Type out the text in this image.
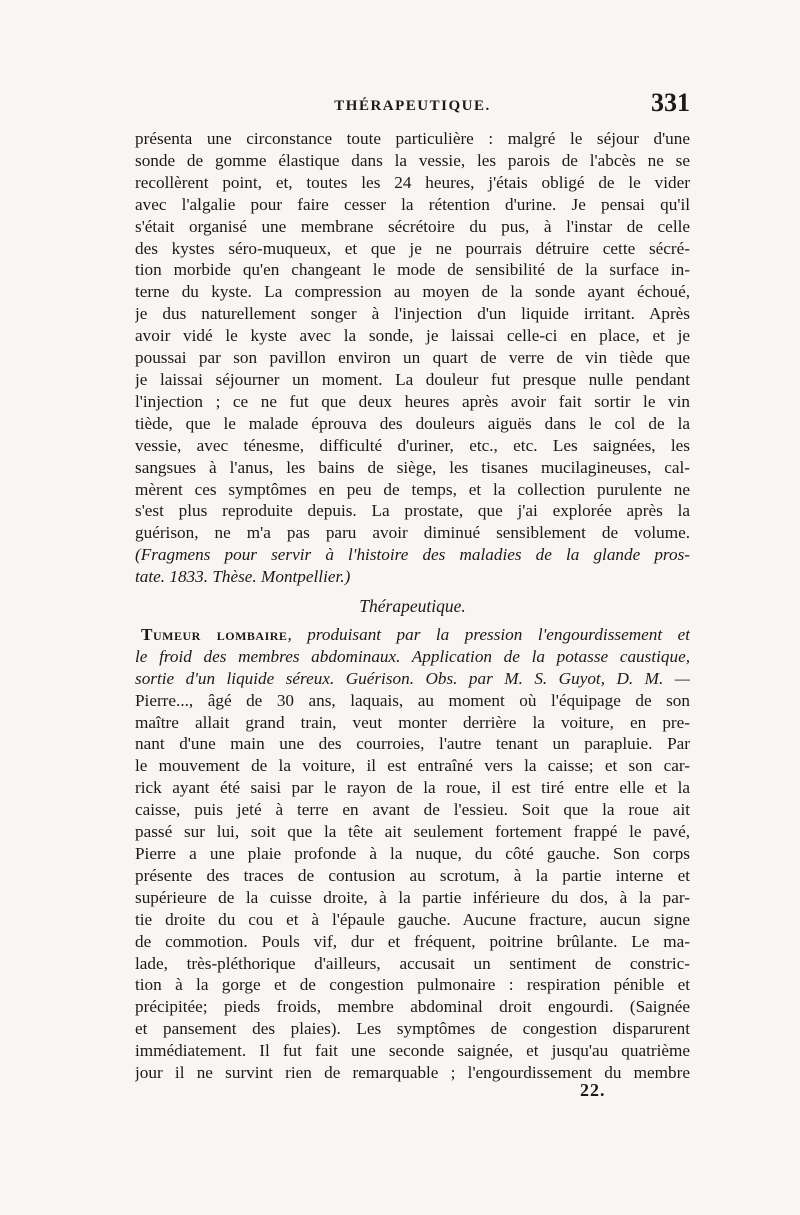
THÉRAPEUTIQUE.	331
présenta une circonstance toute particulière : malgré le séjour d'une
sonde de gomme élastique dans la vessie, les parois de l'abcès ne se
recollèrent point, et, toutes les 24 heures, j'étais obligé de le vider
avec l'algalie pour faire cesser la rétention d'urine. Je pensai qu'il
s'était organisé une membrane sécrétoire du pus, à l'instar de celle
des kystes séro-muqueux, et que je ne pourrais détruire cette sécré-
tion morbide qu'en changeant le mode de sensibilité de la surface in-
terne du kyste. La compression au moyen de la sonde ayant échoué,
je dus naturellement songer à l'injection d'un liquide irritant. Après
avoir vidé le kyste avec la sonde, je laissai celle-ci en place, et je
poussai par son pavillon environ un quart de verre de vin tiède que
je laissai séjourner un moment. La douleur fut presque nulle pendant
l'injection ; ce ne fut que deux heures après avoir fait sortir le vin
tiède, que le malade éprouva des douleurs aiguës dans le col de la
vessie, avec ténesme, difficulté d'uriner, etc., etc. Les saignées, les
sangsues à l'anus, les bains de siège, les tisanes mucilagineuses, cal-
mèrent ces symptômes en peu de temps, et la collection purulente ne
s'est plus reproduite depuis. La prostate, que j'ai explorée après la
guérison, ne m'a pas paru avoir diminué sensiblement de volume.
(Fragmens pour servir à l'histoire des maladies de la glande pros-
tate. 1833. Thèse. Montpellier.)
Thérapeutique.
Tumeur lombaire, produisant par la pression l'engourdissement et
le froid des membres abdominaux. Application de la potasse caustique,
sortie d'un liquide séreux. Guérison. Obs. par M. S. Guyot, D. M. —
Pierre..., âgé de 30 ans, laquais, au moment où l'équipage de son
maître allait grand train, veut monter derrière la voiture, en pre-
nant d'une main une des courroies, l'autre tenant un parapluie. Par
le mouvement de la voiture, il est entraîné vers la caisse; et son car-
rick ayant été saisi par le rayon de la roue, il est tiré entre elle et la
caisse, puis jeté à terre en avant de l'essieu. Soit que la roue ait
passé sur lui, soit que la tête ait seulement fortement frappé le pavé,
Pierre a une plaie profonde à la nuque, du côté gauche. Son corps
présente des traces de contusion au scrotum, à la partie interne et
supérieure de la cuisse droite, à la partie inférieure du dos, à la par-
tie droite du cou et à l'épaule gauche. Aucune fracture, aucun signe
de commotion. Pouls vif, dur et fréquent, poitrine brûlante. Le ma-
lade, très-pléthorique d'ailleurs, accusait un sentiment de constric-
tion à la gorge et de congestion pulmonaire : respiration pénible et
précipitée; pieds froids, membre abdominal droit engourdi. (Saignée
et pansement des plaies). Les symptômes de congestion disparurent
immédiatement. Il fut fait une seconde saignée, et jusqu'au quatrième
jour il ne survint rien de remarquable ; l'engourdissement du membre
22.
